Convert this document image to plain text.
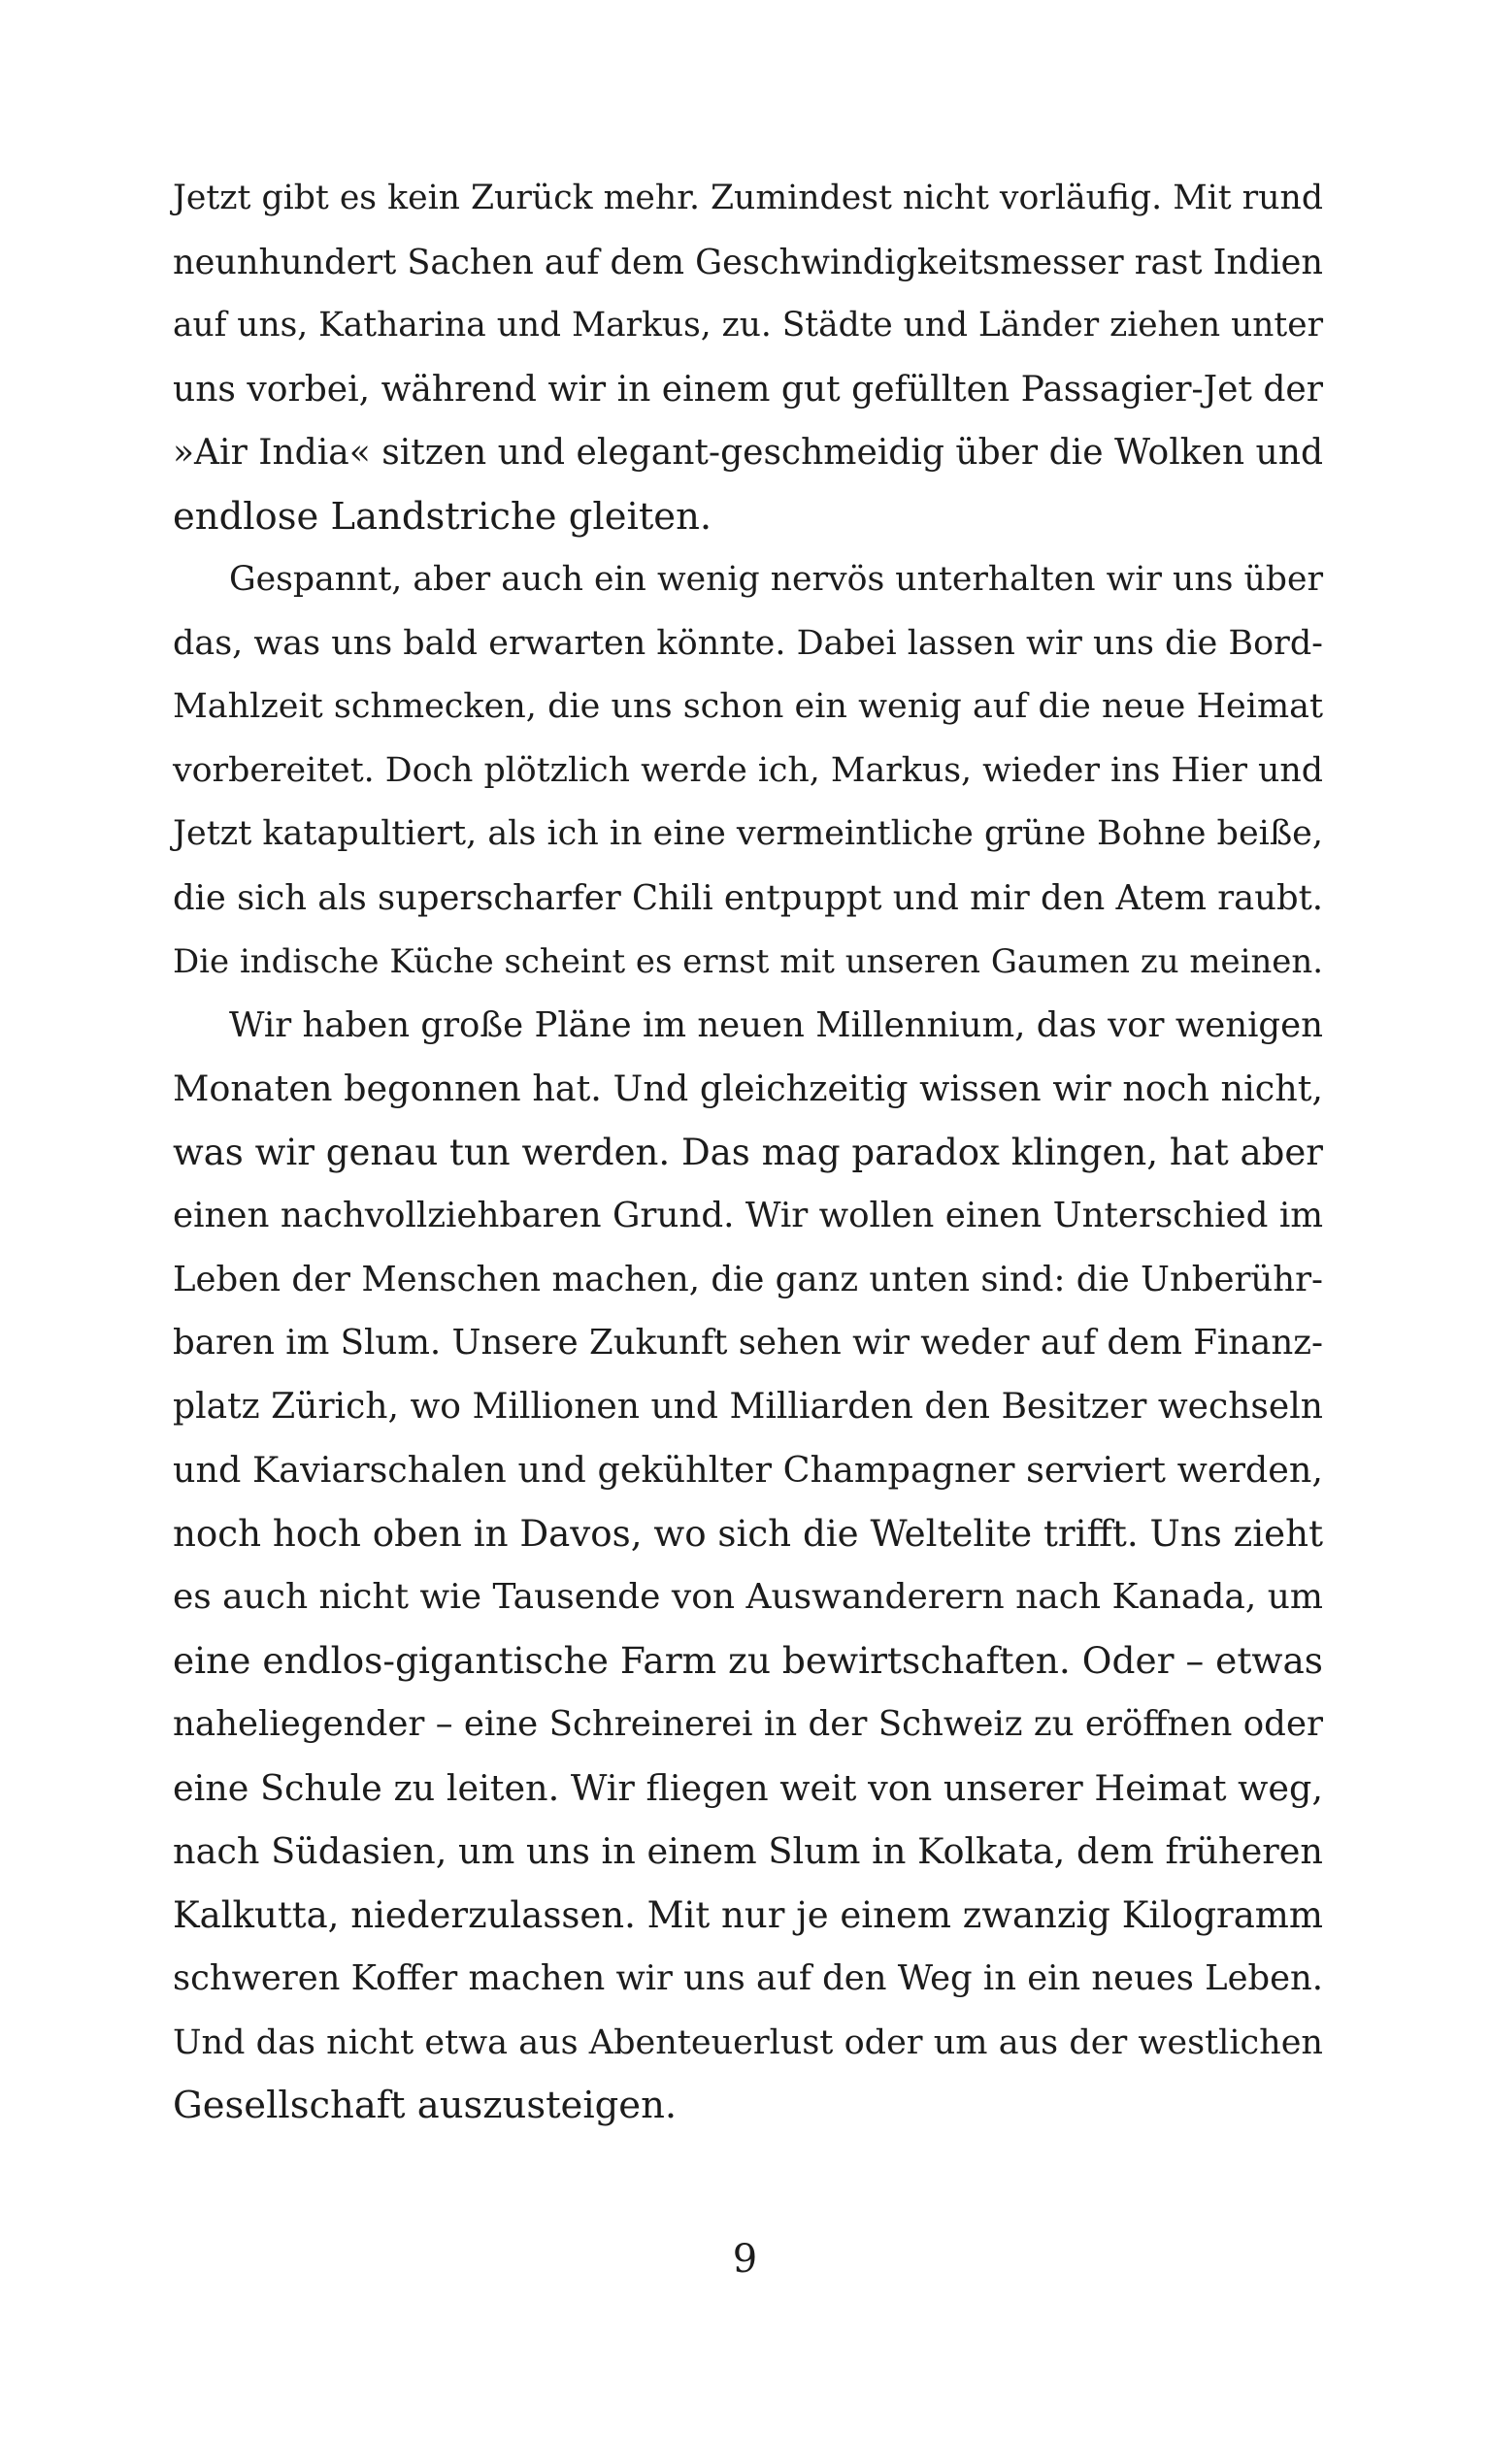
Jetzt gibt es kein Zurück mehr. Zumindest nicht vorläufig. Mit rund
neunhundert Sachen auf dem Geschwindigkeitsmesser rast Indien
auf uns, Katharina und Markus, zu. Städte und Länder ziehen unter
uns vorbei, während wir in einem gut gefüllten Passagier-Jet der
»Air India« sitzen und elegant-geschmeidig über die Wolken und
endlose Landstriche gleiten.

Gespannt, aber auch ein wenig nervös unterhalten wir uns über
das, was uns bald erwarten könnte. Dabei lassen wir uns die Bord-
Mahlzeit schmecken, die uns schon ein wenig auf die neue Heimat
vorbereitet. Doch plötzlich werde ich, Markus, wieder ins Hier und
Jetzt katapultiert, als ich in eine vermeintliche grüne Bohne beiße,
die sich als superscharfer Chili entpuppt und mir den Atem raubt.
Die indische Küche scheint es ernst mit unseren Gaumen zu meinen.

Wir haben große Pläne im neuen Millennium, das vor wenigen
Monaten begonnen hat. Und gleichzeitig wissen wir noch nicht,
was wir genau tun werden. Das mag paradox klingen, hat aber
einen nachvollziehbaren Grund. Wir wollen einen Unterschied im
Leben der Menschen machen, die ganz unten sind: die Unberühr-
baren im Slum. Unsere Zukunft sehen wir weder auf dem Finanz-
platz Zürich, wo Millionen und Milliarden den Besitzer wechseln
und Kaviarschalen und gekühlter Champagner serviert werden,
noch hoch oben in Davos, wo sich die Weltelite trifft. Uns zieht
es auch nicht wie Tausende von Auswanderern nach Kanada, um
eine endlos-gigantische Farm zu bewirtschaften. Oder – etwas
naheliegender – eine Schreinerei in der Schweiz zu eröffnen oder
eine Schule zu leiten. Wir fliegen weit von unserer Heimat weg,
nach Südasien, um uns in einem Slum in Kolkata, dem früheren
Kalkutta, niederzulassen. Mit nur je einem zwanzig Kilogramm
schweren Koffer machen wir uns auf den Weg in ein neues Leben.
Und das nicht etwa aus Abenteuerlust oder um aus der westlichen
Gesellschaft auszusteigen.

9
